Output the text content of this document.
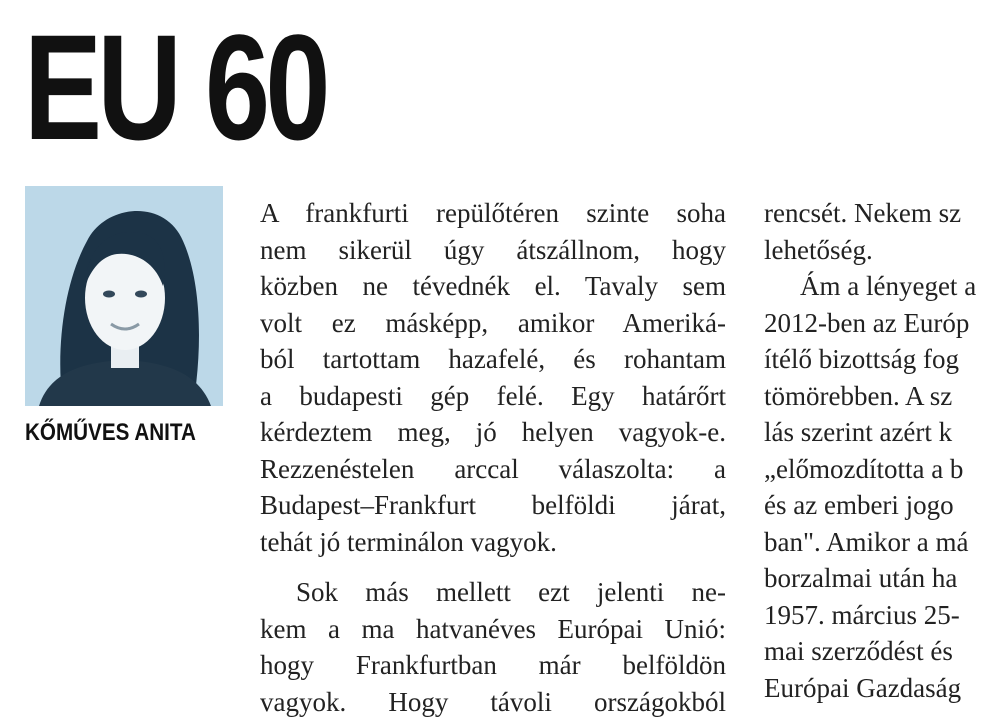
EU 60
KŐMŰVES ANITA
A frankfurti repülőtéren szinte soha
nem sikerül úgy átszállnom, hogy
közben ne tévednék el. Tavaly sem
volt ez másképp, amikor Ameriká-
ból tartottam hazafelé, és rohantam
a budapesti gép felé. Egy határőrt
kérdeztem meg, jó helyen vagyok-e.
Rezzenéstelen arccal válaszolta: a
Budapest–Frankfurt belföldi járat,
tehát jó terminálon vagyok.
Sok más mellett ezt jelenti ne-
kem a ma hatvanéves Európai Unió:
hogy Frankfurtban már belföldön
vagyok. Hogy távoli országokból
rencsét. Nekem sz
lehetőség.
Ám a lényeget a
2012-ben az Európ
ítélő bizottság fog
tömörebben. A sz
lás szerint azért k
„előmozdította a b
és az emberi jogo
ban". Amikor a má
borzalmai után ha
1957. március 25-
mai szerződést és
Európai Gazdaság
